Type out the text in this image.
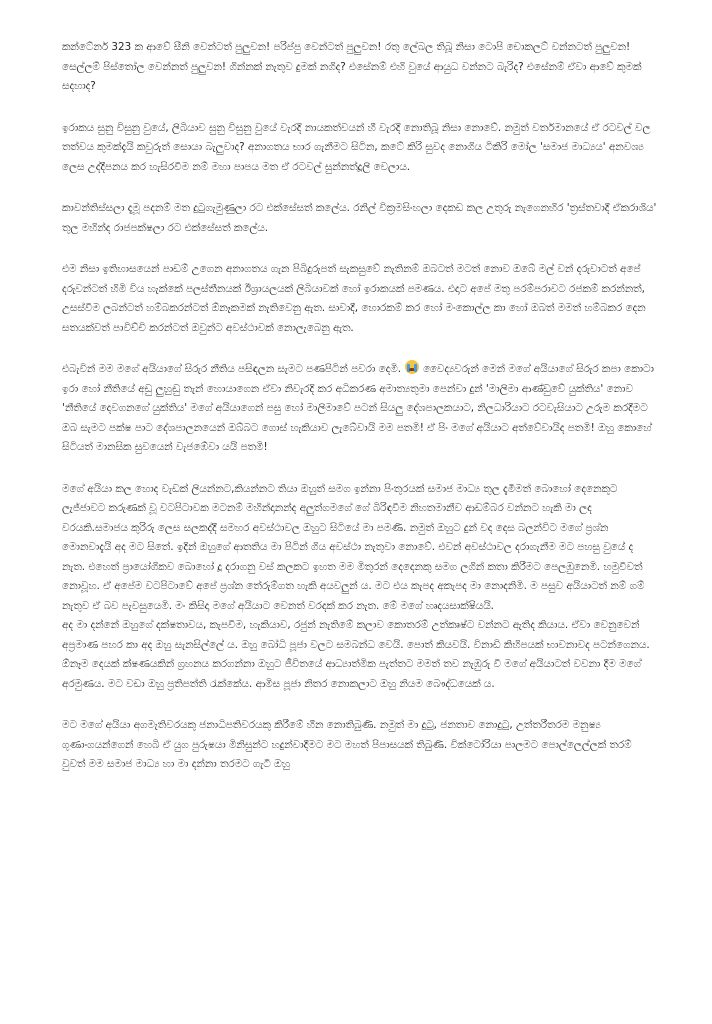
කන්ටේනර් 323 ක ආවේ සීනි වෙන්ටත් පුලුවන! පරිප්පු වෙන්ටත් පුලුවන! රතු ලේබල තිබූ නිසා ටොපි චොකලට් වන්නටත් පුලුවන! සෙල්ලම් පිස්තෝල වෙන්නත් පුලුවන! ගින්නක් නැතුව දුමක් නගිද? එසේනම් එහි වුයේ ආයුධ වන්නට බැරිද? එසේනම් ඒවා ආවේ කුමක් සදහාද?

ඉරාකය සුනු විසුනු වුයේ, ලිබියාව සුනු විසුනු වුයේ වැරදි නායකත්වයන් හී වැරදි නොතිබූ නිසා නොවේ. නමුත් වර්තමානයේ ඒ රටවල් වල තත්වය කුමක්දැයි කවුරුත් සොයා බැලුවාද? අනාගතය භාර ගැනීමට සිටින, කටේ කිරි සුවද නොගිය ටිකිරි මෝල 'සමාජ මාධ්‍යය' අනවශ්‍ය ලෙස උද්දීපනය කර හැසිරවීම නම් මහා පාපය මත ඒ රටවල් සුන්නත්දූලි වෙලාය.

කාවන්තිස්සලා දැමූ පදනම් මත දුටුගැමුණුලා රට එක්සේසත් කලේය. රනිල් වික්‍රමසිංහලා දෙකඩ කල උතුරු නැගෙනහිර 'ත්‍රස්තවාදී ඒකරාශිය' තුල මහින්ද රාජපක්ෂලා රට එක්සේසත් කලේය.

එම නිසා ඉතිහාසයෙන් පාඩම් උගෙන අනාගතය ගැන පිබිදුරුපත් සැකසුවේ නැතිනම් ඔබටත් මටත් නොව ඔබේ මල් වන් දරුවාටත් අපේ දරුවන්ටත් හිමි විය හැක්කේ පලස්තීනයක් ඊශ්‍රායලයක් ලිබියාවක් හෝ ඉරාකයක් පමණය. එදාට අපේ මතු පරම්පරාවට රජකම් කරන්නත්, උසස්වීම ලබන්ටත් හම්බකරන්ටත් ඕනෑකමක් නැතිවෙනු ඇත. සාවාදී, හොරකම් කර හෝ මංකොල්ල කා හෝ ඔබත් මමත් හම්බකර දෙන සතයක්වත් පාවිච්චි කරන්ටත් ඔවුන්ට අවස්ථාවක් නොලැබෙනු ඇත.

එබැවින් මම මගේ අයියාගේ සිරුර නීතිය පසිඳලන සැමට පණපිටින් පවරා දෙමි. වෛද්‍යවරුන් මෙන් මගේ අයියාගේ සිරුර කපා කොටා ඉරා හෝ නීතියේ අඩු ලුහුඬු තැන් හොයාගෙන ඒවා නිවැරදි කර අධිකරණ අමාත්‍යතුමා පෙන්වා දුන් 'මාලිමා ආණ්ඩුවේ යුක්තිය' නොව 'නීතියේ දෙවගනගේ යුක්තිය' මගේ අයියාගෙන් පසු හෝ මාලිමාවේ පටන් සියලු දේශපාලකයාට, නිලධාරියාට රටවැසියාට උරුම කරදීමට ඔබ සැමට පක්ෂ පාට දේශපාලනයෙන් ඔබ්බට ගොස් හැකියාව ලැබේවායි මම පතමි! ඒ පිං මගේ අයියාට අත්වේවායිද පතමි! ඔහු කොහේ සිටියත් මානසික සුවයෙන් වැජඹේවා යයි පතමි!

මගේ අයියා කල හොද වැඩක් ලියන්නට,කියන්නට තියා ඔහුත් සමග ඉන්නා පිංතුරයක් සමාජ මාධ්‍ය තුල දැමීමත් බොහෝ දෙනෙකුට ලැජ්ජාවට කරුණක් වූ වටපිටාවක මටනම් මහින්දානන්ද අලුත්ගමගේ ගේ බිරිඳවීම නිහතමානීව ආඩම්බර වන්නට හැකි මා ලද වරයකි.සමාජය කුරිරු ලෙස සලකද්දී සමහර අවස්ථාවල ඔහුට සිටියේ මා පමණි. නමුත් ඔහුට දුන් වද දෙස බලන්විට මගේ ප්‍රශ්න මොනවාදැයි අද මට සිතේ. ඉදින් ඔහුගේ ආතතිය මා පිටින් ගිය අවස්ථා නැතුවා නොවේ. එවන් අවස්ථාවල දරාගැනීම මට පහසු වුයේ ද නැත. එහෙත් ප්‍රායෝගිකව බොහෝ දූ දරාගනු වස් කලකට ඉහත මම මිතුරන් දෙදෙනකු සමග ලගින් කතා කිරීමට පෙලඹුනෙමි. හමුවීවත් නොවූහ. ඒ අපේම වටපිටාවේ අපේ ප්‍රශ්න තේරුම්ගත හැකි අයවලුන් ය. මට එය කැපද අකැපද මා නොදනිමි. ම පසුව අයියාටත් නම් ගම් නැතුව ඒ බව පැවසුයෙමි. මං කිසිදා මගේ අයියාට වෙනත් වරදක් කර නැත. මේ මගේ හෘදයසාක්ෂියයි.

අද මා දන්නේ ඔහුගේ දක්ෂතාවය, කැපවීම, හැකියාව, රජුන් නැතිමේ කලාව කොතරම් උත්කෘෂ්ට වන්නට ඇතිද කියාය. ඒවා වෙනුවෙන් අප්‍රමාණ පහර කා අද ඔහු සැනසිල්ලේ ය. ඔහු බෝධි පූජා වලට සමබන්ධ වෙයි. පොත් කියවයි. විනාඩි කිහිපයක් භාවනාවද පටන්ගෙනය. ඕනෑම දෙයක් ක්ෂණයකින් ග්‍රහනය කරගන්නා ඔහුට ජීවිතයේ ආධ්‍යාත්මික පැත්තට මමත් තව නැඹුරු වී මගේ අයියාටත් වවනා දීම මගේ අරමුණය. මට වඩා ඔහු ප්‍රතිපත්ති රැක්කේය. ආමිස පූජා නිතර නොකලාට ඔහු නියම බෞද්ධයෙක් ය.

මට මගේ අයියා අගමැතිවරයකු ජනාධිපතිවරයකු කිරීමේ හීන නොතිබුණි. නමුත් මා දුටු, ජනතාව නොදුටු, උත්තරීතරම මනුෂ්‍ය ගුණාංගයන්ගෙන් හෙබි ඒ යුග පුරුෂයා මිනිසුන්ට හදුන්වාදීමට මට මහත් පිපාසයක් තිබුණි. වික්ටෝරියා පාලමට පොල්ලෙල්ලක් තරම් වුවත් මම සමාජ මාධ්‍ය හා මා දන්නා තරමට ගැටී ඔහු
